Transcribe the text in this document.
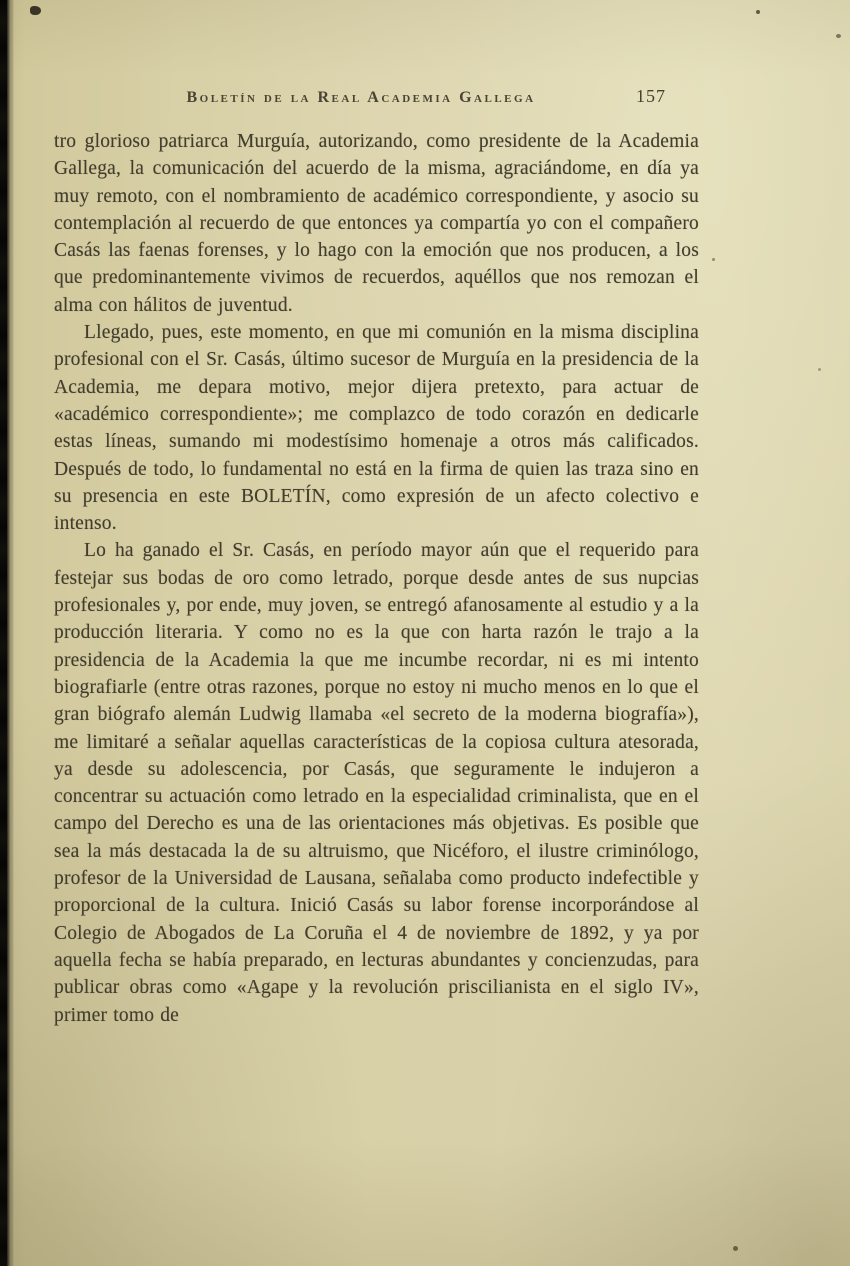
Boletín de la Real Academia Gallega	157

tro glorioso patriarca Murguía, autorizando, como presidente de la Academia Gallega, la comunicación del acuerdo de la misma, agraciándome, en día ya muy remoto, con el nombramiento de académico correspondiente, y asocio su contemplación al recuerdo de que entonces ya compartía yo con el compañero Casás las faenas forenses, y lo hago con la emoción que nos producen, a los que predominantemente vivimos de recuerdos, aquéllos que nos remozan el alma con hálitos de juventud.

Llegado, pues, este momento, en que mi comunión en la misma disciplina profesional con el Sr. Casás, último sucesor de Murguía en la presidencia de la Academia, me depara motivo, mejor dijera pretexto, para actuar de «académico correspondiente»; me complazco de todo corazón en dedicarle estas líneas, sumando mi modestísimo homenaje a otros más calificados. Después de todo, lo fundamental no está en la firma de quien las traza sino en su presencia en este BOLETÍN, como expresión de un afecto colectivo e intenso.

Lo ha ganado el Sr. Casás, en período mayor aún que el requerido para festejar sus bodas de oro como letrado, porque desde antes de sus nupcias profesionales y, por ende, muy joven, se entregó afanosamente al estudio y a la producción literaria. Y como no es la que con harta razón le trajo a la presidencia de la Academia la que me incumbe recordar, ni es mi intento biografiarle (entre otras razones, porque no estoy ni mucho menos en lo que el gran biógrafo alemán Ludwig llamaba «el secreto de la moderna biografía»), me limitaré a señalar aquellas características de la copiosa cultura atesorada, ya desde su adolescencia, por Casás, que seguramente le indujeron a concentrar su actuación como letrado en la especialidad criminalista, que en el campo del Derecho es una de las orientaciones más objetivas. Es posible que sea la más destacada la de su altruismo, que Nicéforo, el ilustre criminólogo, profesor de la Universidad de Lausana, señalaba como producto indefectible y proporcional de la cultura. Inició Casás su labor forense incorporándose al Colegio de Abogados de La Coruña el 4 de noviembre de 1892, y ya por aquella fecha se había preparado, en lecturas abundantes y concienzudas, para publicar obras como «Agape y la revolución priscilianista en el siglo IV», primer tomo de
